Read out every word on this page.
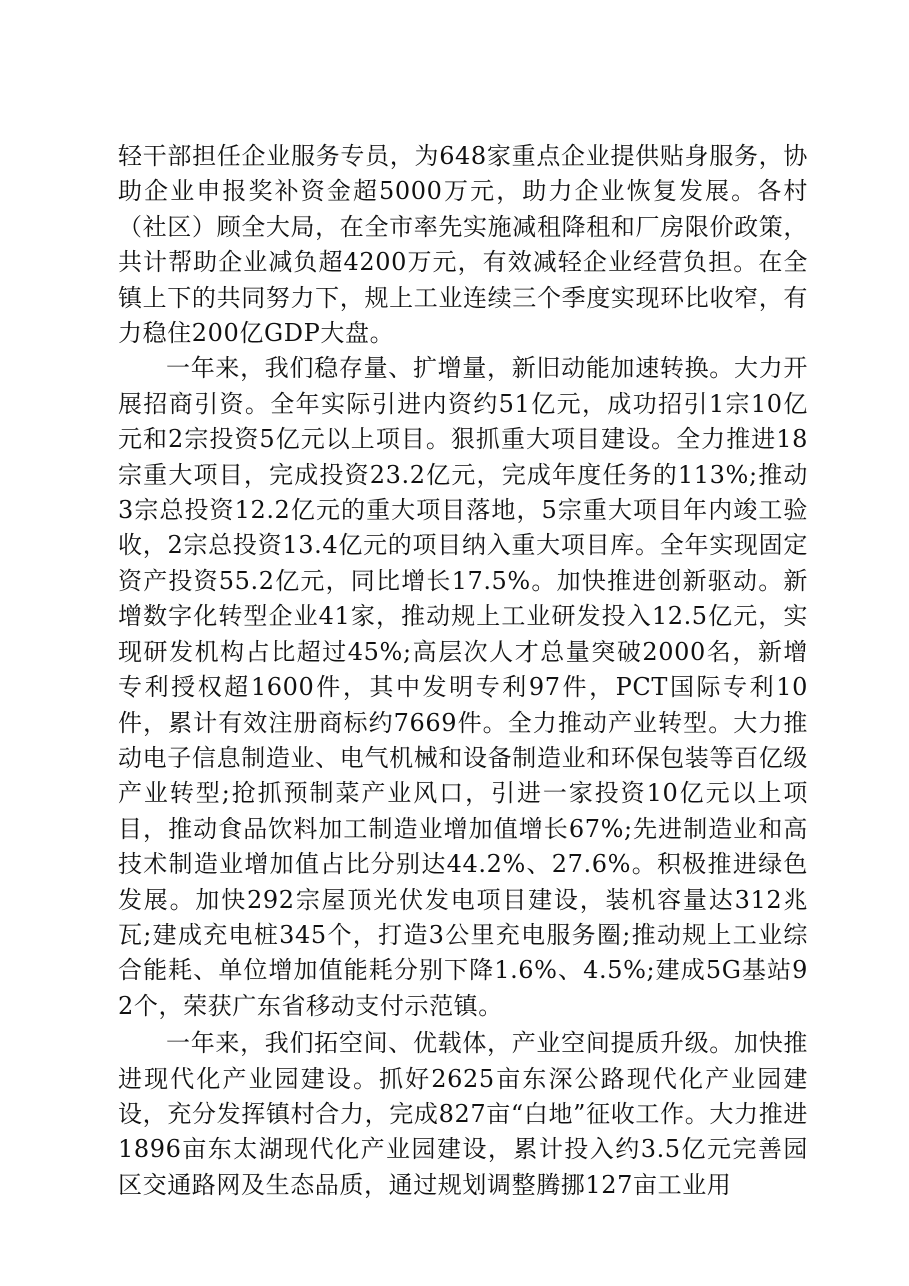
轻干部担任企业服务专员，为648家重点企业提供贴身服务，协助企业申报奖补资金超5000万元，助力企业恢复发展。各村（社区）顾全大局，在全市率先实施减租降租和厂房限价政策，共计帮助企业减负超4200万元，有效减轻企业经营负担。在全镇上下的共同努力下，规上工业连续三个季度实现环比收窄，有力稳住200亿GDP大盘。

一年来，我们稳存量、扩增量，新旧动能加速转换。大力开展招商引资。全年实际引进内资约51亿元，成功招引1宗10亿元和2宗投资5亿元以上项目。狠抓重大项目建设。全力推进18宗重大项目，完成投资23.2亿元，完成年度任务的113%;推动3宗总投资12.2亿元的重大项目落地，5宗重大项目年内竣工验收，2宗总投资13.4亿元的项目纳入重大项目库。全年实现固定资产投资55.2亿元，同比增长17.5%。加快推进创新驱动。新增数字化转型企业41家，推动规上工业研发投入12.5亿元，实现研发机构占比超过45%;高层次人才总量突破2000名，新增专利授权超1600件，其中发明专利97件，PCT国际专利10件，累计有效注册商标约7669件。全力推动产业转型。大力推动电子信息制造业、电气机械和设备制造业和环保包装等百亿级产业转型;抢抓预制菜产业风口，引进一家投资10亿元以上项目，推动食品饮料加工制造业增加值增长67%;先进制造业和高技术制造业增加值占比分别达44.2%、27.6%。积极推进绿色发展。加快292宗屋顶光伏发电项目建设，装机容量达312兆瓦;建成充电桩345个，打造3公里充电服务圈;推动规上工业综合能耗、单位增加值能耗分别下降1.6%、4.5%;建成5G基站92个，荣获广东省移动支付示范镇。

一年来，我们拓空间、优载体，产业空间提质升级。加快推进现代化产业园建设。抓好2625亩东深公路现代化产业园建设，充分发挥镇村合力，完成827亩“白地”征收工作。大力推进1896亩东太湖现代化产业园建设，累计投入约3.5亿元完善园区交通路网及生态品质，通过规划调整腾挪127亩工业用
